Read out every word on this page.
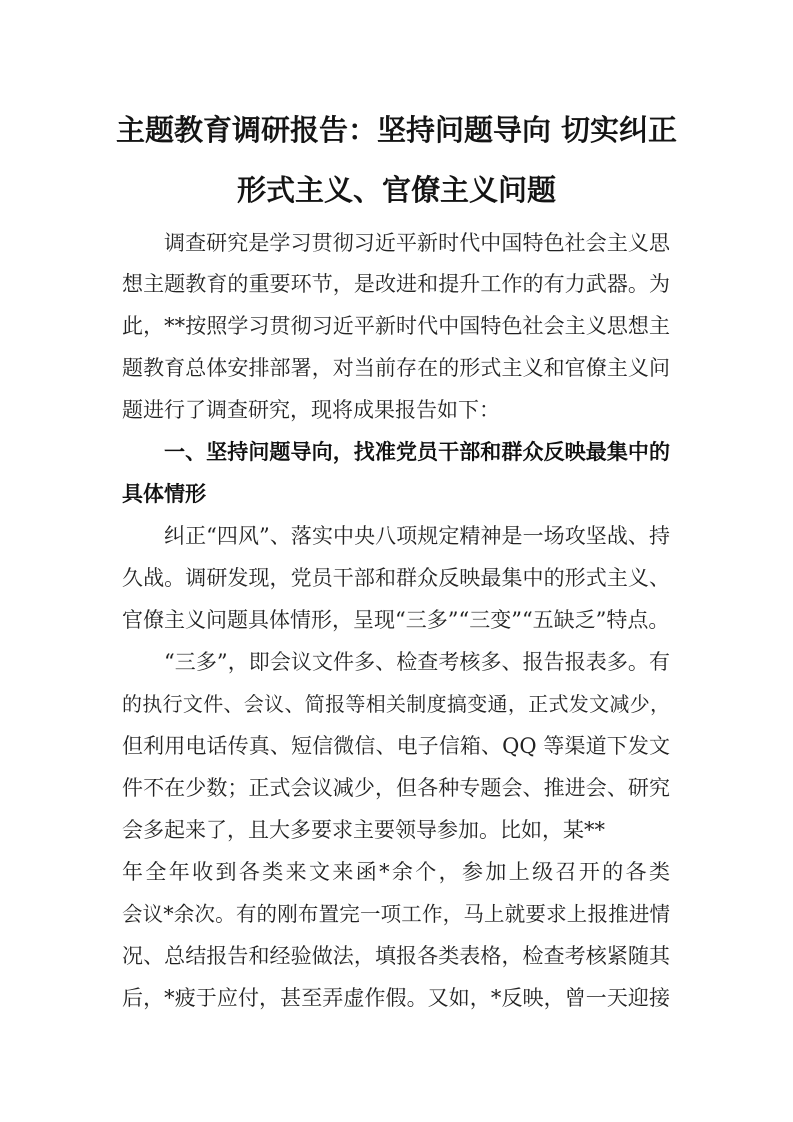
主题教育调研报告：坚持问题导向 切实纠正
形式主义、官僚主义问题
调查研究是学习贯彻习近平新时代中国特色社会主义思
想主题教育的重要环节，是改进和提升工作的有力武器。为
此，**按照学习贯彻习近平新时代中国特色社会主义思想主
题教育总体安排部署，对当前存在的形式主义和官僚主义问
题进行了调查研究，现将成果报告如下：
一、坚持问题导向，找准党员干部和群众反映最集中的
具体情形
纠正“四风”、落实中央八项规定精神是一场攻坚战、持
久战。调研发现，党员干部和群众反映最集中的形式主义、
官僚主义问题具体情形，呈现“三多”“三变”“五缺乏”特点。
“三多”，即会议文件多、检查考核多、报告报表多。有
的执行文件、会议、简报等相关制度搞变通，正式发文减少，
但利用电话传真、短信微信、电子信箱、QQ 等渠道下发文
件不在少数；正式会议减少，但各种专题会、推进会、研究
会多起来了，且大多要求主要领导参加。比如，某**
年全年收到各类来文来函*余个，参加上级召开的各类
会议*余次。有的刚布置完一项工作，马上就要求上报推进情
况、总结报告和经验做法，填报各类表格，检查考核紧随其
后，*疲于应付，甚至弄虚作假。又如，*反映，曾一天迎接
